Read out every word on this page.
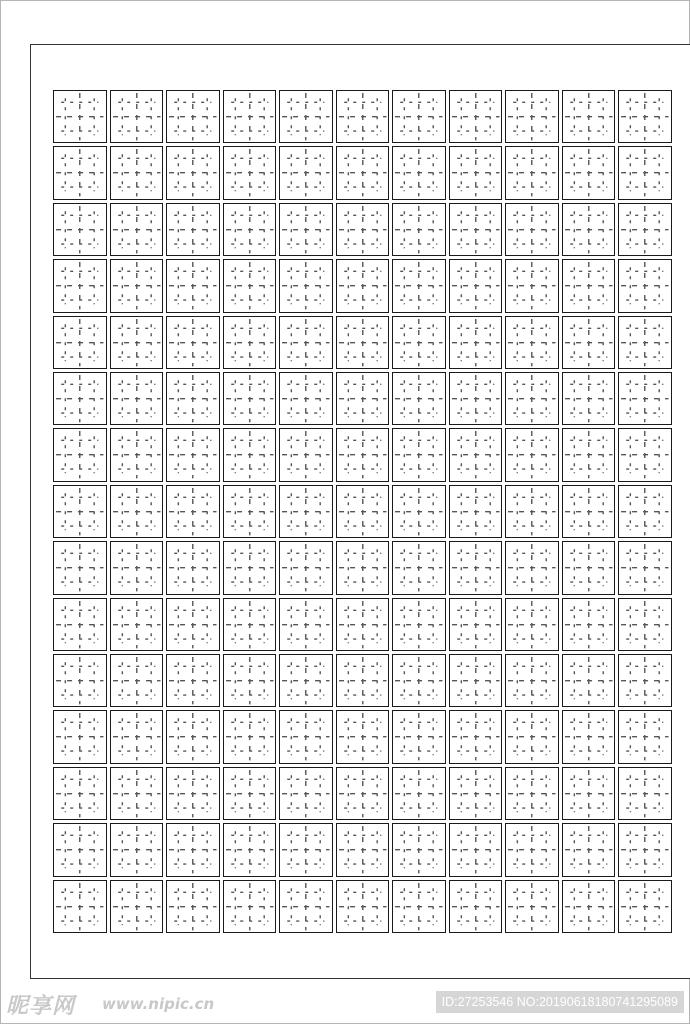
昵享网 www.nipic.cn	ID:27253546 NO:20190618180741295089
